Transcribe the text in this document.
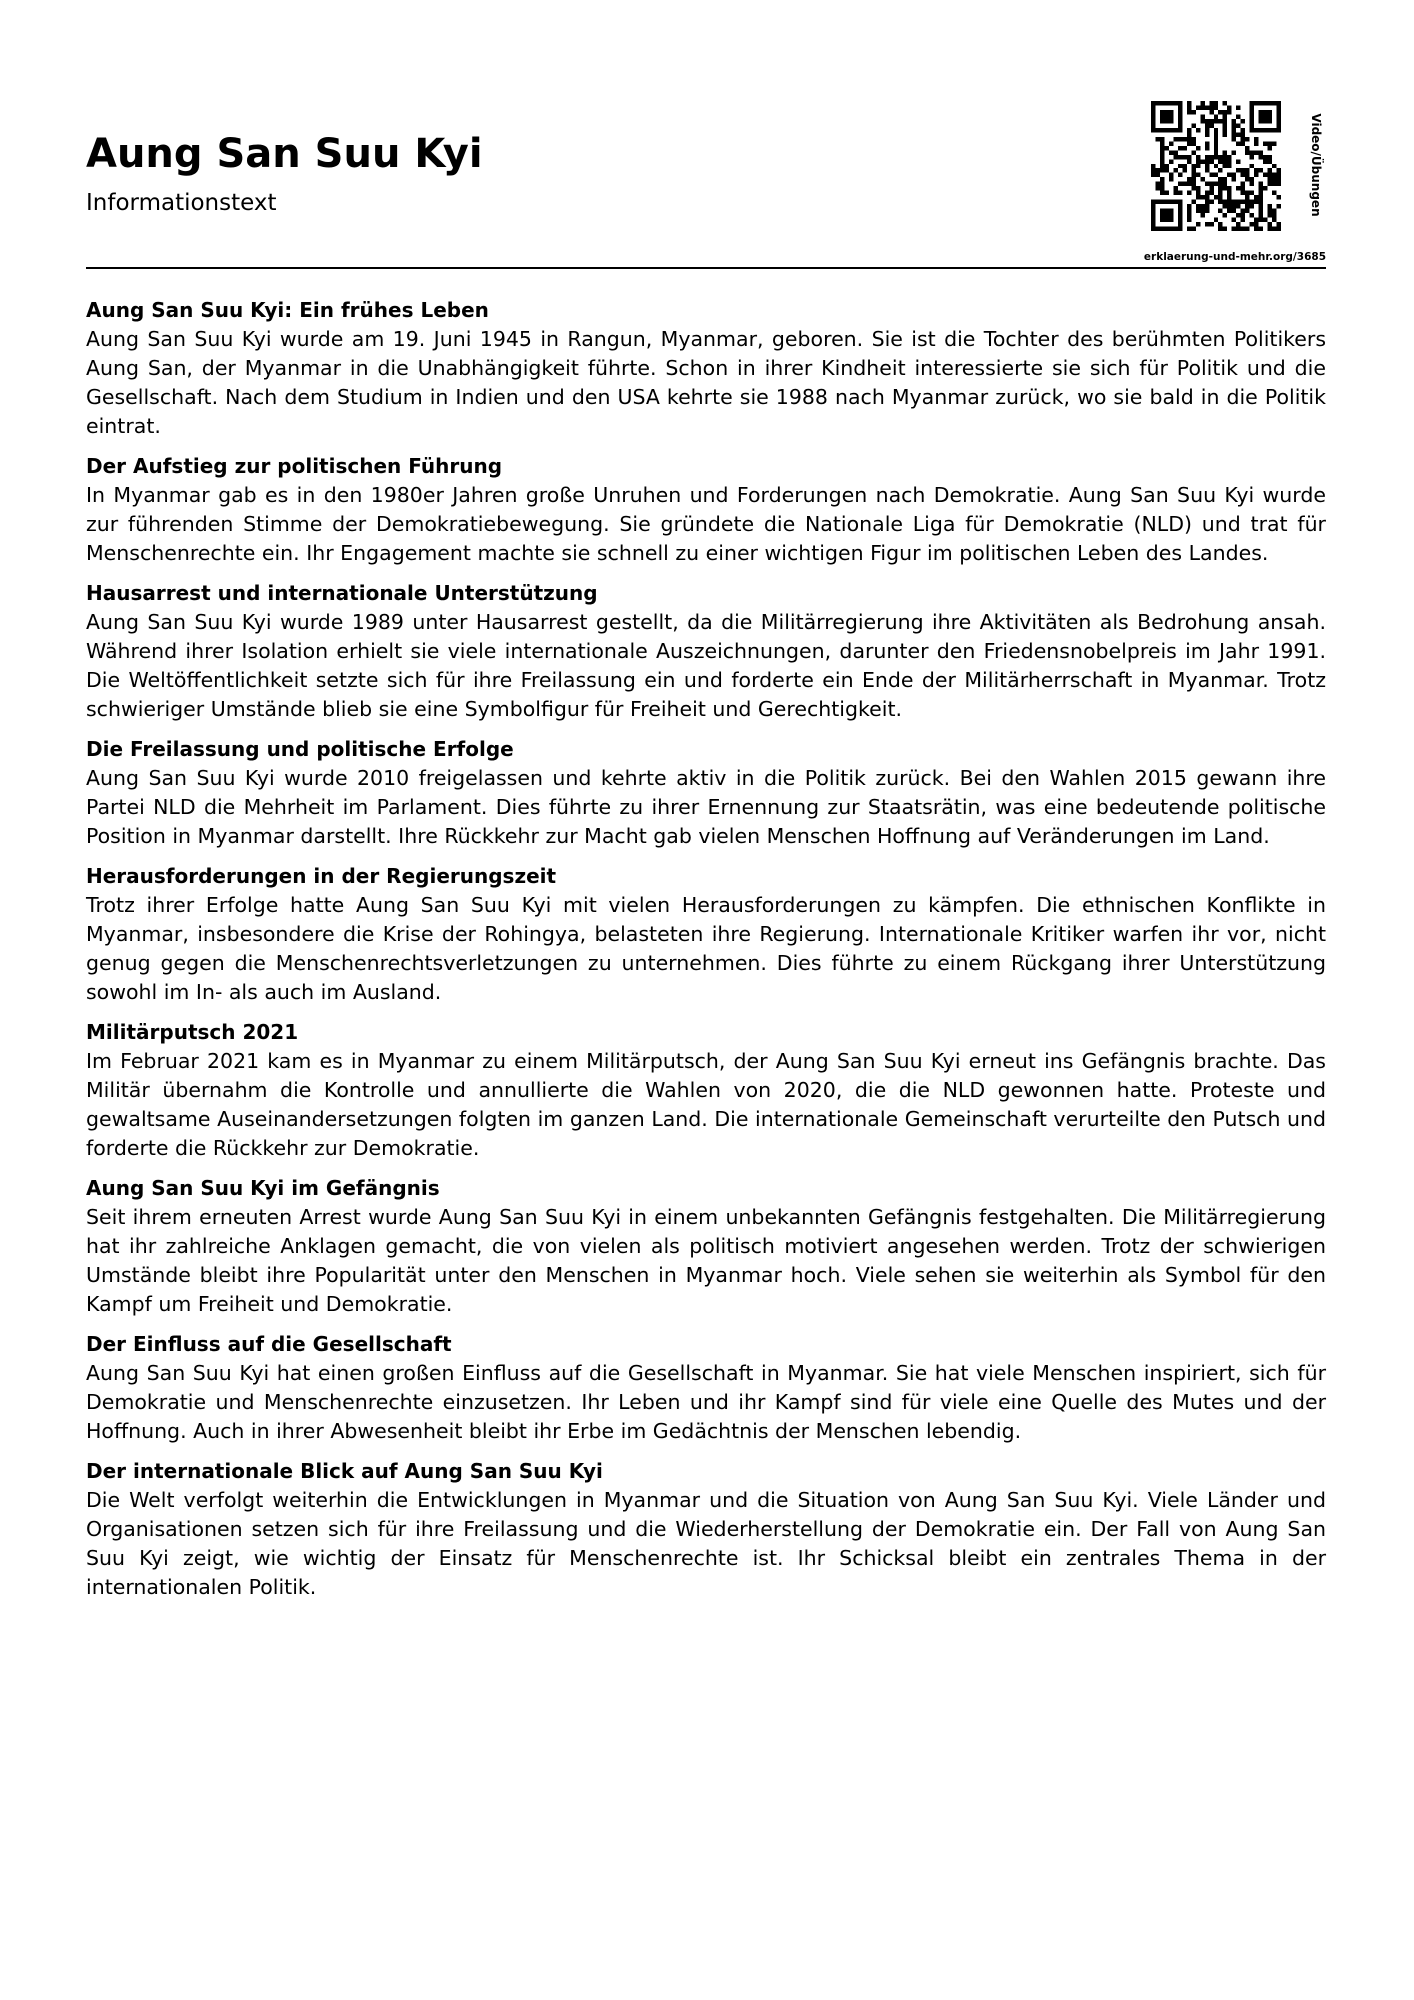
Aung San Suu Kyi
Informationstext	Video/Übungen
erklaerung-und-mehr.org/3685

Aung San Suu Kyi: Ein frühes Leben

Aung San Suu Kyi wurde am 19. Juni 1945 in Rangun, Myanmar, geboren. Sie ist die Tochter des berühmten Politikers Aung San, der Myanmar in die Unabhängigkeit führte. Schon in ihrer Kindheit interessierte sie sich für Politik und die Gesellschaft. Nach dem Studium in Indien und den USA kehrte sie 1988 nach Myanmar zurück, wo sie bald in die Politik eintrat.

Der Aufstieg zur politischen Führung

In Myanmar gab es in den 1980er Jahren große Unruhen und Forderungen nach Demokratie. Aung San Suu Kyi wurde zur führenden Stimme der Demokratiebewegung. Sie gründete die Nationale Liga für Demokratie (NLD) und trat für Menschenrechte ein. Ihr Engagement machte sie schnell zu einer wichtigen Figur im politischen Leben des Landes.

Hausarrest und internationale Unterstützung

Aung San Suu Kyi wurde 1989 unter Hausarrest gestellt, da die Militärregierung ihre Aktivitäten als Bedrohung ansah. Während ihrer Isolation erhielt sie viele internationale Auszeichnungen, darunter den Friedensnobelpreis im Jahr 1991. Die Weltöffentlichkeit setzte sich für ihre Freilassung ein und forderte ein Ende der Militärherrschaft in Myanmar. Trotz schwieriger Umstände blieb sie eine Symbolfigur für Freiheit und Gerechtigkeit.

Die Freilassung und politische Erfolge

Aung San Suu Kyi wurde 2010 freigelassen und kehrte aktiv in die Politik zurück. Bei den Wahlen 2015 gewann ihre Partei NLD die Mehrheit im Parlament. Dies führte zu ihrer Ernennung zur Staatsrätin, was eine bedeutende politische Position in Myanmar darstellt. Ihre Rückkehr zur Macht gab vielen Menschen Hoffnung auf Veränderungen im Land.

Herausforderungen in der Regierungszeit

Trotz ihrer Erfolge hatte Aung San Suu Kyi mit vielen Herausforderungen zu kämpfen. Die ethnischen Konflikte in Myanmar, insbesondere die Krise der Rohingya, belasteten ihre Regierung. Internationale Kritiker warfen ihr vor, nicht genug gegen die Menschenrechtsverletzungen zu unternehmen. Dies führte zu einem Rückgang ihrer Unterstützung sowohl im In- als auch im Ausland.

Militärputsch 2021

Im Februar 2021 kam es in Myanmar zu einem Militärputsch, der Aung San Suu Kyi erneut ins Gefängnis brachte. Das Militär übernahm die Kontrolle und annullierte die Wahlen von 2020, die die NLD gewonnen hatte. Proteste und gewaltsame Auseinandersetzungen folgten im ganzen Land. Die internationale Gemeinschaft verurteilte den Putsch und forderte die Rückkehr zur Demokratie.

Aung San Suu Kyi im Gefängnis

Seit ihrem erneuten Arrest wurde Aung San Suu Kyi in einem unbekannten Gefängnis festgehalten. Die Militärregierung hat ihr zahlreiche Anklagen gemacht, die von vielen als politisch motiviert angesehen werden. Trotz der schwierigen Umstände bleibt ihre Popularität unter den Menschen in Myanmar hoch. Viele sehen sie weiterhin als Symbol für den Kampf um Freiheit und Demokratie.

Der Einfluss auf die Gesellschaft

Aung San Suu Kyi hat einen großen Einfluss auf die Gesellschaft in Myanmar. Sie hat viele Menschen inspiriert, sich für Demokratie und Menschenrechte einzusetzen. Ihr Leben und ihr Kampf sind für viele eine Quelle des Mutes und der Hoffnung. Auch in ihrer Abwesenheit bleibt ihr Erbe im Gedächtnis der Menschen lebendig.

Der internationale Blick auf Aung San Suu Kyi

Die Welt verfolgt weiterhin die Entwicklungen in Myanmar und die Situation von Aung San Suu Kyi. Viele Länder und Organisationen setzen sich für ihre Freilassung und die Wiederherstellung der Demokratie ein. Der Fall von Aung San Suu Kyi zeigt, wie wichtig der Einsatz für Menschenrechte ist. Ihr Schicksal bleibt ein zentrales Thema in der internationalen Politik.
